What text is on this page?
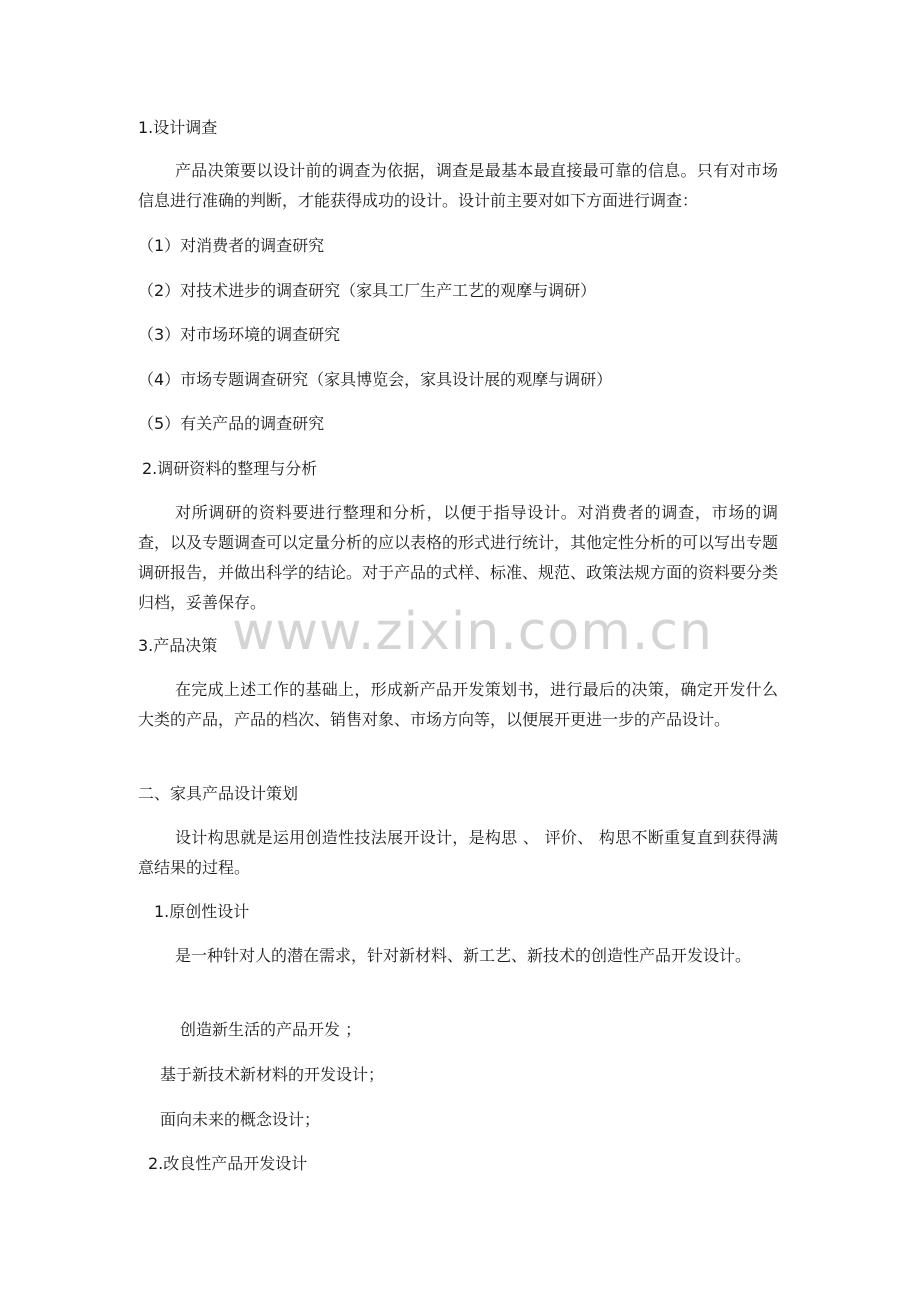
1.设计调查
产品决策要以设计前的调查为依据，调查是最基本最直接最可靠的信息。只有对市场信息进行准确的判断，才能获得成功的设计。设计前主要对如下方面进行调查：
（1）对消费者的调查研究
（2）对技术进步的调查研究（家具工厂生产工艺的观摩与调研）
（3）对市场环境的调查研究
（4）市场专题调查研究（家具博览会，家具设计展的观摩与调研）
（5）有关产品的调查研究
2.调研资料的整理与分析
对所调研的资料要进行整理和分析，以便于指导设计。对消费者的调查，市场的调查，以及专题调查可以定量分析的应以表格的形式进行统计，其他定性分析的可以写出专题调研报告，并做出科学的结论。对于产品的式样、标准、规范、政策法规方面的资料要分类归档，妥善保存。
www.zixin.com.cn
3.产品决策
在完成上述工作的基础上，形成新产品开发策划书，进行最后的决策，确定开发什么大类的产品，产品的档次、销售对象、市场方向等，以便展开更进一步的产品设计。
二、家具产品设计策划
设计构思就是运用创造性技法展开设计，是构思 、 评价、 构思不断重复直到获得满意结果的过程。
1.原创性设计
是一种针对人的潜在需求，针对新材料、新工艺、新技术的创造性产品开发设计。
创造新生活的产品开发 ；
基于新技术新材料的开发设计；
面向未来的概念设计；
2.改良性产品开发设计
